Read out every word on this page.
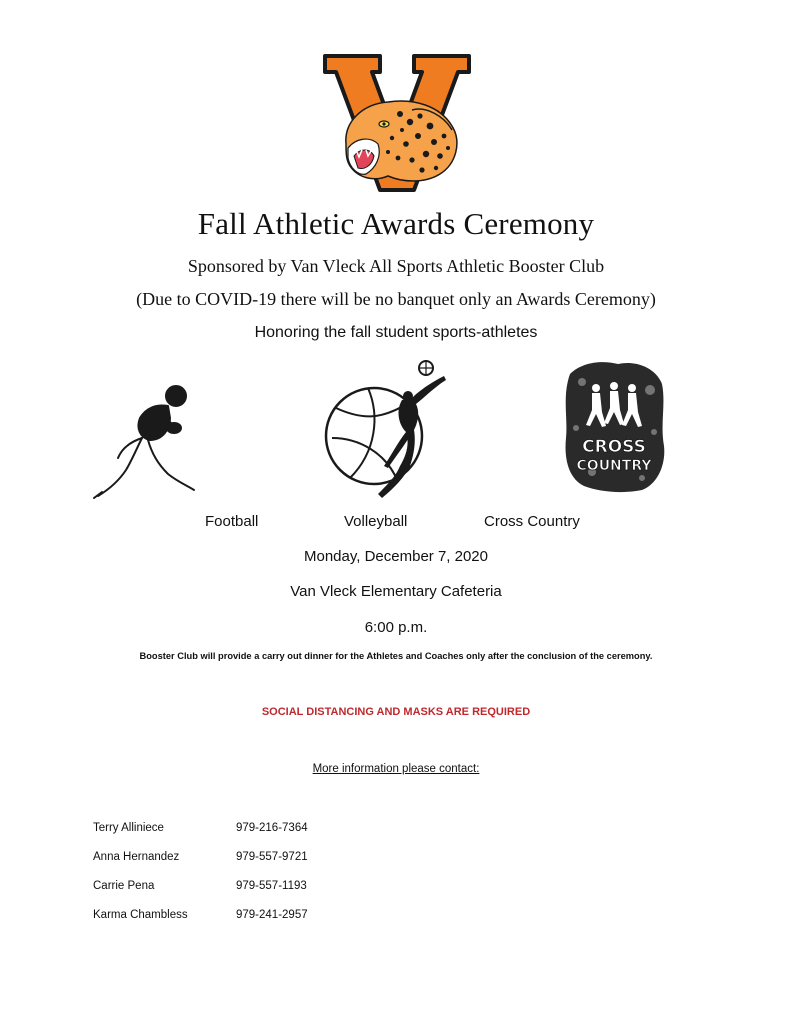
Fall Athletic Awards Ceremony
Sponsored by Van Vleck All Sports Athletic Booster Club
(Due to COVID-19 there will be no banquet only an Awards Ceremony)
Honoring the fall student sports-athletes
CROSS
COUNTRY
Football	Volleyball	Cross Country
Monday, December 7, 2020
Van Vleck Elementary Cafeteria
6:00 p.m.
Booster Club will provide a carry out dinner for the Athletes and Coaches only after the conclusion of the ceremony.
SOCIAL DISTANCING AND MASKS ARE REQUIRED
More information please contact:
Terry Alliniece	979-216-7364
Anna Hernandez	979-557-9721
Carrie Pena	979-557-1193
Karma Chambless	979-241-2957
